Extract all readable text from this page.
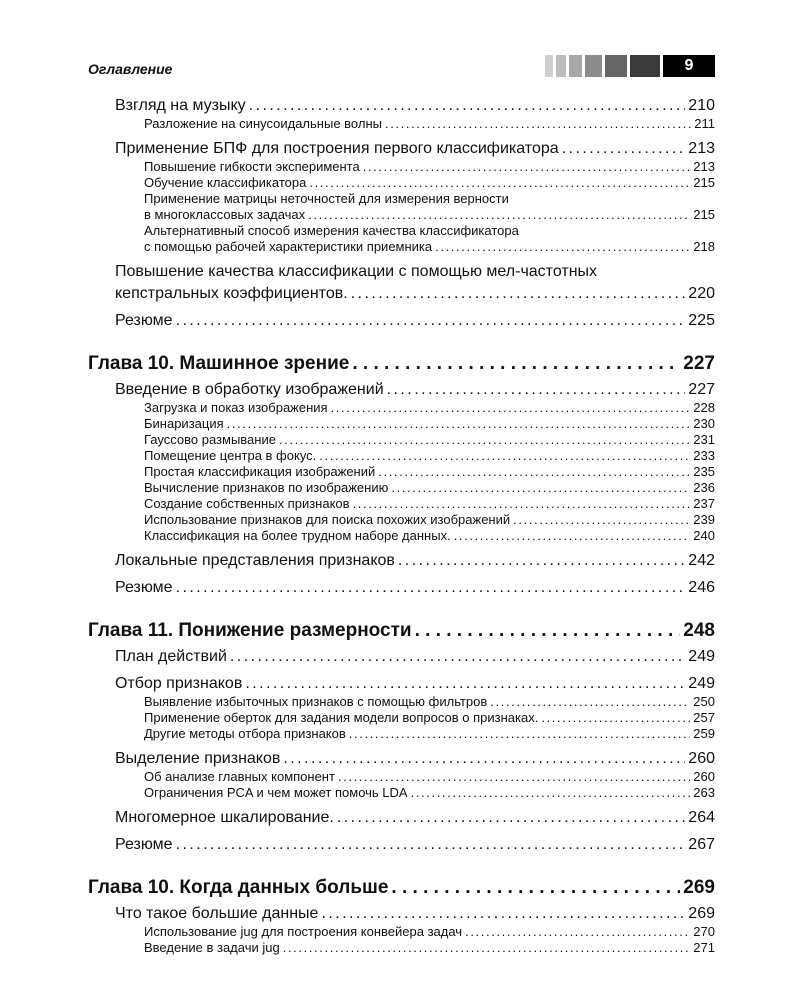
Оглавление	9
Взгляд на музыку . . .	210
Разложение на синусоидальные волны . . .	211
Применение БПФ для построения первого классификатора . . .	213
Повышение гибкости эксперимента . . .	213
Обучение классификатора . . .	215
Применение матрицы неточностей для измерения верности
в многоклассовых задачах . . .	215
Альтернативный способ измерения качества классификатора
с помощью рабочей характеристики приемника . . .	218
Повышение качества классификации с помощью мел-частотных
кепстральных коэффициентов. . . .	220
Резюме . . .	225
Глава 10. Машинное зрение . . .	227
Введение в обработку изображений . . .	227
Загрузка и показ изображения . . .	228
Бинаризация . . .	230
Гауссово размывание . . .	231
Помещение центра в фокус. . . .	233
Простая классификация изображений . . .	235
Вычисление признаков по изображению . . .	236
Создание собственных признаков . . .	237
Использование признаков для поиска похожих изображений . . .	239
Классификация на более трудном наборе данных. . . .	240
Локальные представления признаков . . .	242
Резюме . . .	246
Глава 11. Понижение размерности . . .	248
План действий . . .	249
Отбор признаков . . .	249
Выявление избыточных признаков с помощью фильтров . . .	250
Применение оберток для задания модели вопросов о признаках. . . .	257
Другие методы отбора признаков . . .	259
Выделение признаков . . .	260
Об анализе главных компонент . . .	260
Ограничения PCA и чем может помочь LDA . . .	263
Многомерное шкалирование. . . .	264
Резюме . . .	267
Глава 10. Когда данных больше . . .	269
Что такое большие данные . . .	269
Использование jug для построения конвейера задач . . .	270
Введение в задачи jug . . .	271
